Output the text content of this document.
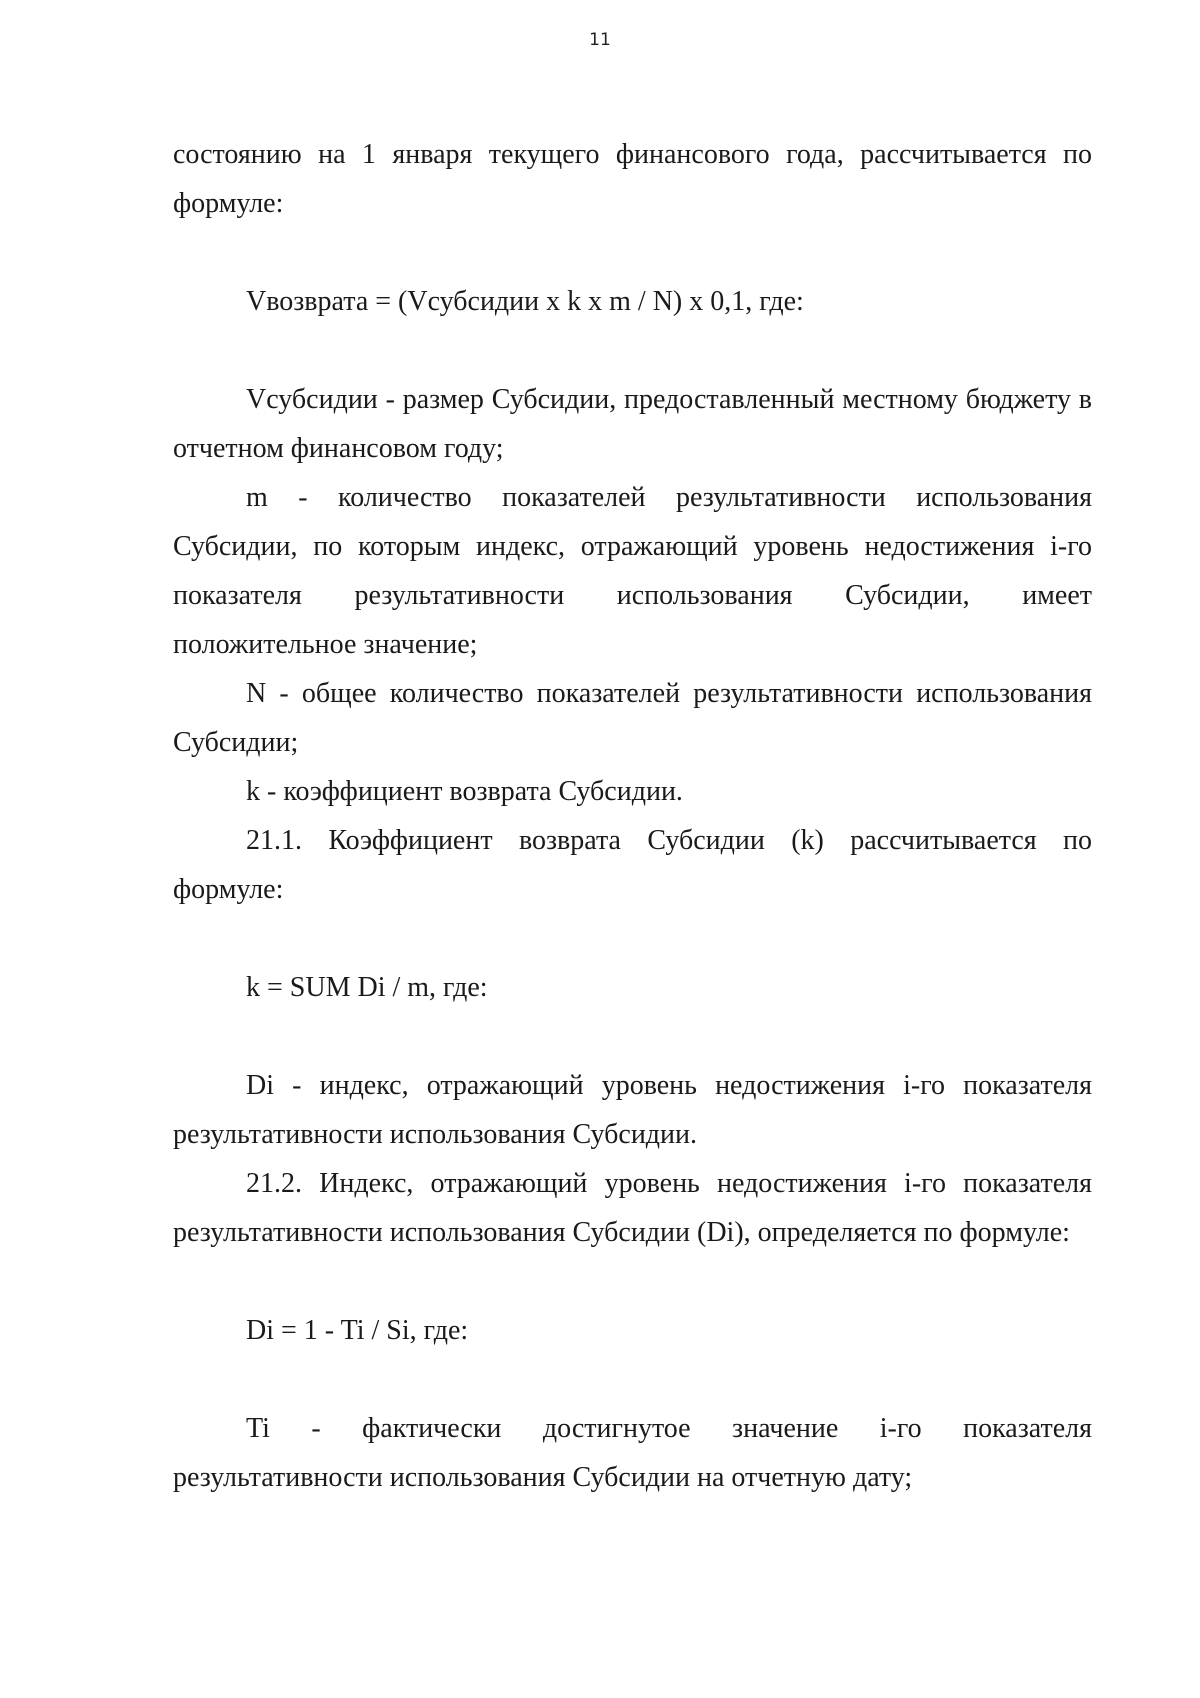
11

состоянию на 1 января текущего финансового года, рассчитывается по формуле:

Vвозврата = (Vсубсидии x k x m / N) x 0,1, где:

Vсубсидии - размер Субсидии, предоставленный местному бюджету в отчетном финансовом году;

m - количество показателей результативности использования Субсидии, по которым индекс, отражающий уровень недостижения i-го показателя результативности использования Субсидии, имеет положительное значение;

N - общее количество показателей результативности использования Субсидии;

k - коэффициент возврата Субсидии.

21.1. Коэффициент возврата Субсидии (k) рассчитывается по формуле:

k = SUM Di / m, где:

Di - индекс, отражающий уровень недостижения i-го показателя результативности использования Субсидии.

21.2. Индекс, отражающий уровень недостижения i-го показателя результативности использования Субсидии (Di), определяется по формуле:

Di = 1 - Ti / Si, где:

Ti - фактически достигнутое значение i-го показателя результативности использования Субсидии на отчетную дату;
